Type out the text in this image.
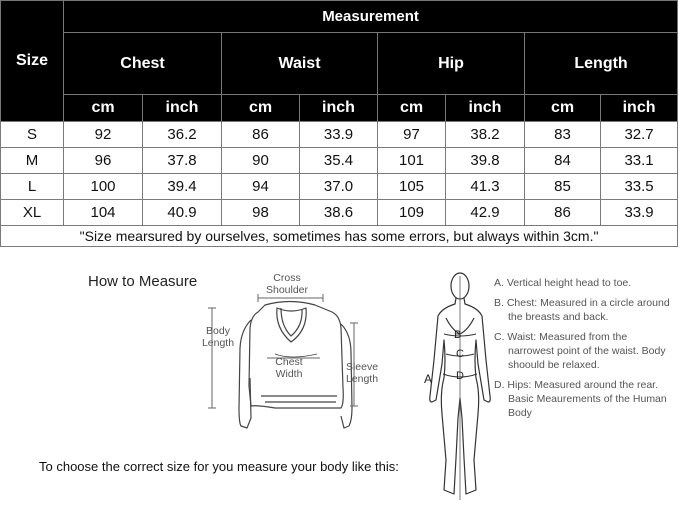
Size	Measurement							
	Chest		Waist		Hip		Length	
	cm	inch	cm	inch	cm	inch	cm	inch
S	92	36.2	86	33.9	97	38.2	83	32.7
M	96	37.8	90	35.4	101	39.8	84	33.1
L	100	39.4	94	37.0	105	41.3	85	33.5
XL	104	40.9	98	38.6	109	42.9	86	33.9
"Size mearsured by ourselves, sometimes has some errors, but always within 3cm."								
How to Measure	Cross
Shoulder
Body
Length
Chest
Width
Sleeve
Length
To choose the correct size for you measure your body like this:
B
C
D
A
A. Vertical height head to toe.
B. Chest: Measured in a circle around the breasts and back.
C. Waist: Measured from the narrowest point of the waist. Body shoould be relaxed.
D. Hips: Measured around the rear. Basic Meaurements of the Human Body
